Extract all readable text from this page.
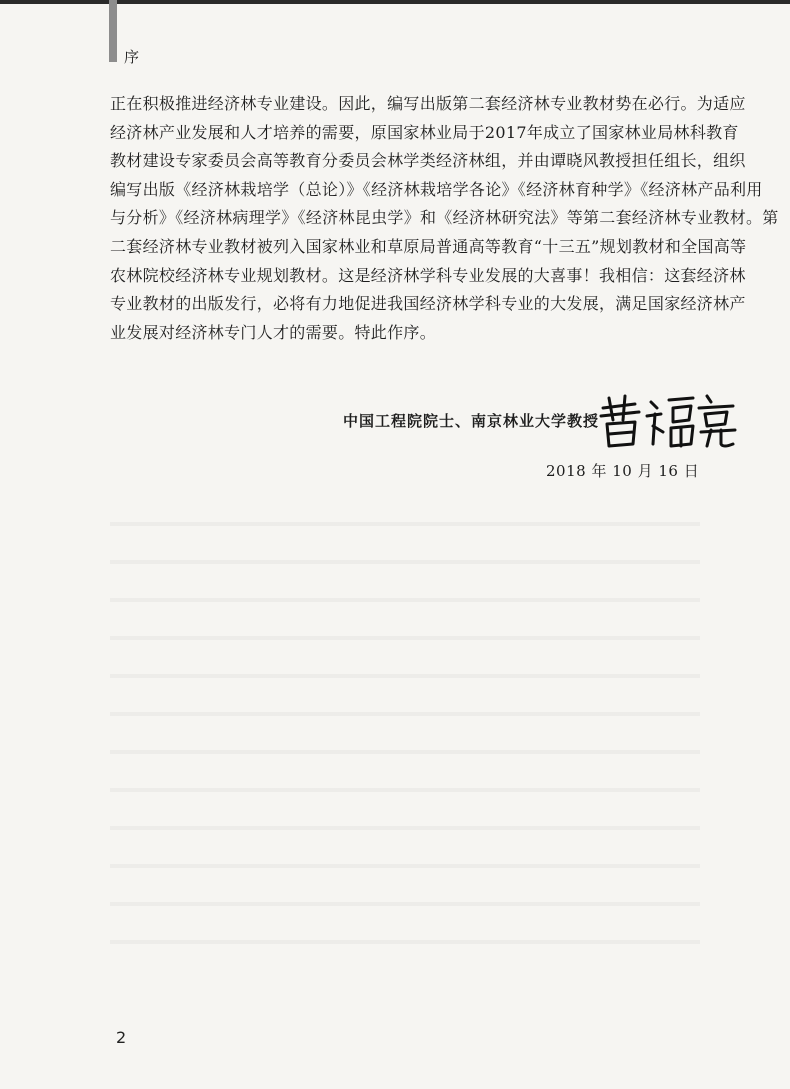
序
正在积极推进经济林专业建设。因此，编写出版第二套经济林专业教材势在必行。为适应
经济林产业发展和人才培养的需要，原国家林业局于2017年成立了国家林业局林科教育
教材建设专家委员会高等教育分委员会林学类经济林组，并由谭晓风教授担任组长，组织
编写出版《经济林栽培学（总论）》《经济林栽培学各论》《经济林育种学》《经济林产品利用
与分析》《经济林病理学》《经济林昆虫学》和《经济林研究法》等第二套经济林专业教材。第
二套经济林专业教材被列入国家林业和草原局普通高等教育“十三五”规划教材和全国高等
农林院校经济林专业规划教材。这是经济林学科专业发展的大喜事！我相信：这套经济林
专业教材的出版发行，必将有力地促进我国经济林学科专业的大发展，满足国家经济林产
业发展对经济林专门人才的需要。特此作序。
中国工程院院士、南京林业大学教授
2018 年 10 月 16 日
2
